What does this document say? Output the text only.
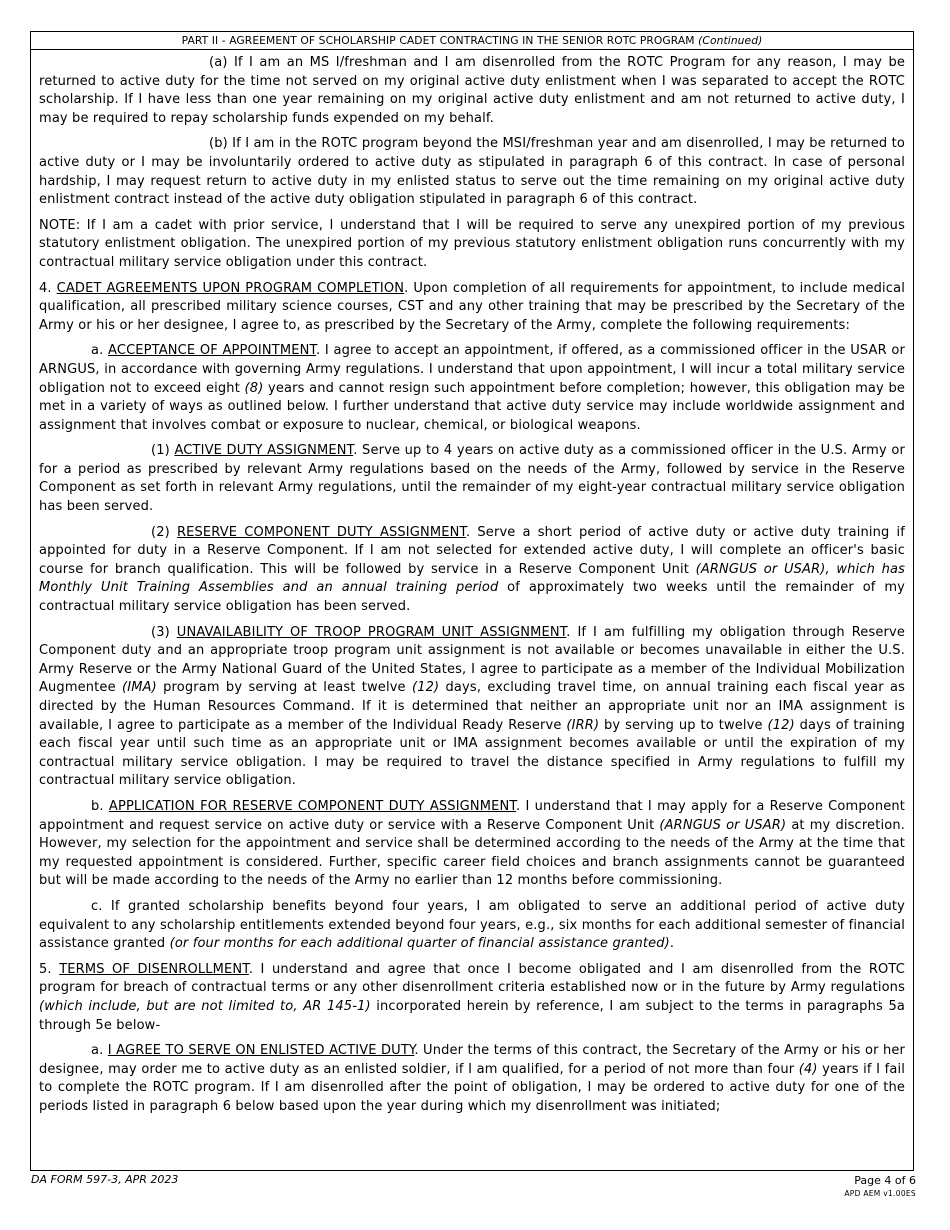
PART II - AGREEMENT OF SCHOLARSHIP CADET CONTRACTING IN THE SENIOR ROTC PROGRAM (Continued)

(a) If I am an MS I/freshman and I am disenrolled from the ROTC Program for any reason, I may be returned to active duty for the time not served on my original active duty enlistment when I was separated to accept the ROTC scholarship. If I have less than one year remaining on my original active duty enlistment and am not returned to active duty, I may be required to repay scholarship funds expended on my behalf.

(b) If I am in the ROTC program beyond the MSI/freshman year and am disenrolled, I may be returned to active duty or I may be involuntarily ordered to active duty as stipulated in paragraph 6 of this contract. In case of personal hardship, I may request return to active duty in my enlisted status to serve out the time remaining on my original active duty enlistment contract instead of the active duty obligation stipulated in paragraph 6 of this contract.

NOTE: If I am a cadet with prior service, I understand that I will be required to serve any unexpired portion of my previous statutory enlistment obligation. The unexpired portion of my previous statutory enlistment obligation runs concurrently with my contractual military service obligation under this contract.

4. CADET AGREEMENTS UPON PROGRAM COMPLETION. Upon completion of all requirements for appointment, to include medical qualification, all prescribed military science courses, CST and any other training that may be prescribed by the Secretary of the Army or his or her designee, I agree to, as prescribed by the Secretary of the Army, complete the following requirements:

a. ACCEPTANCE OF APPOINTMENT. I agree to accept an appointment, if offered, as a commissioned officer in the USAR or ARNGUS, in accordance with governing Army regulations. I understand that upon appointment, I will incur a total military service obligation not to exceed eight (8) years and cannot resign such appointment before completion; however, this obligation may be met in a variety of ways as outlined below. I further understand that active duty service may include worldwide assignment and assignment that involves combat or exposure to nuclear, chemical, or biological weapons.

(1) ACTIVE DUTY ASSIGNMENT. Serve up to 4 years on active duty as a commissioned officer in the U.S. Army or for a period as prescribed by relevant Army regulations based on the needs of the Army, followed by service in the Reserve Component as set forth in relevant Army regulations, until the remainder of my eight-year contractual military service obligation has been served.

(2) RESERVE COMPONENT DUTY ASSIGNMENT. Serve a short period of active duty or active duty training if appointed for duty in a Reserve Component. If I am not selected for extended active duty, I will complete an officer's basic course for branch qualification. This will be followed by service in a Reserve Component Unit (ARNGUS or USAR), which has Monthly Unit Training Assemblies and an annual training period of approximately two weeks until the remainder of my contractual military service obligation has been served.

(3) UNAVAILABILITY OF TROOP PROGRAM UNIT ASSIGNMENT. If I am fulfilling my obligation through Reserve Component duty and an appropriate troop program unit assignment is not available or becomes unavailable in either the U.S. Army Reserve or the Army National Guard of the United States, I agree to participate as a member of the Individual Mobilization Augmentee (IMA) program by serving at least twelve (12) days, excluding travel time, on annual training each fiscal year as directed by the Human Resources Command. If it is determined that neither an appropriate unit nor an IMA assignment is available, I agree to participate as a member of the Individual Ready Reserve (IRR) by serving up to twelve (12) days of training each fiscal year until such time as an appropriate unit or IMA assignment becomes available or until the expiration of my contractual military service obligation. I may be required to travel the distance specified in Army regulations to fulfill my contractual military service obligation.

b. APPLICATION FOR RESERVE COMPONENT DUTY ASSIGNMENT. I understand that I may apply for a Reserve Component appointment and request service on active duty or service with a Reserve Component Unit (ARNGUS or USAR) at my discretion. However, my selection for the appointment and service shall be determined according to the needs of the Army at the time that my requested appointment is considered. Further, specific career field choices and branch assignments cannot be guaranteed but will be made according to the needs of the Army no earlier than 12 months before commissioning.

c. If granted scholarship benefits beyond four years, I am obligated to serve an additional period of active duty equivalent to any scholarship entitlements extended beyond four years, e.g., six months for each additional semester of financial assistance granted (or four months for each additional quarter of financial assistance granted).

5. TERMS OF DISENROLLMENT. I understand and agree that once I become obligated and I am disenrolled from the ROTC program for breach of contractual terms or any other disenrollment criteria established now or in the future by Army regulations (which include, but are not limited to, AR 145-1) incorporated herein by reference, I am subject to the terms in paragraphs 5a through 5e below-

a. I AGREE TO SERVE ON ENLISTED ACTIVE DUTY. Under the terms of this contract, the Secretary of the Army or his or her designee, may order me to active duty as an enlisted soldier, if I am qualified, for a period of not more than four (4) years if I fail to complete the ROTC program. If I am disenrolled after the point of obligation, I may be ordered to active duty for one of the periods listed in paragraph 6 below based upon the year during which my disenrollment was initiated;

DA FORM 597-3, APR 2023	Page 4 of 6
APD AEM v1.00ES
